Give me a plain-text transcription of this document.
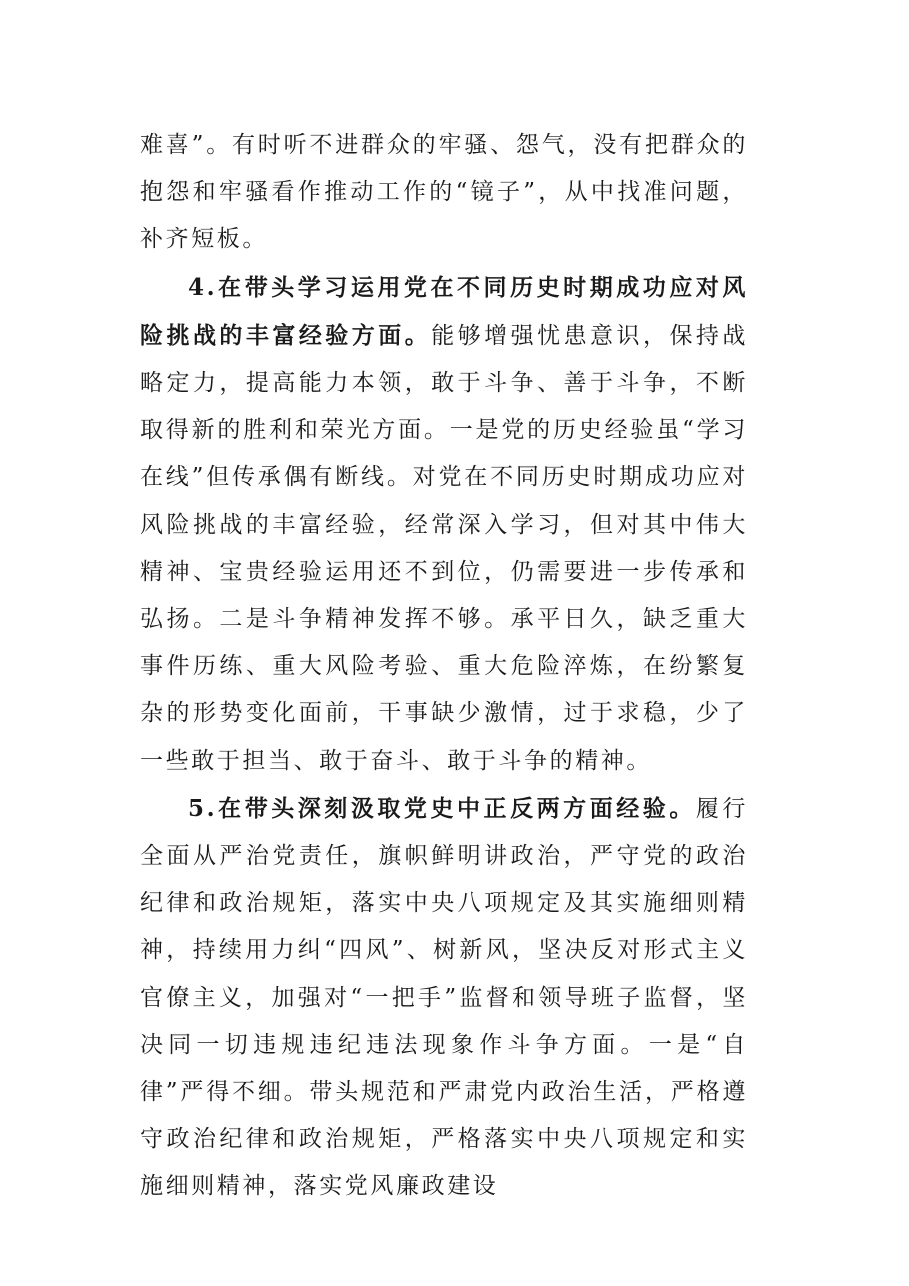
难喜”。有时听不进群众的牢骚、怨气，没有把群众的抱怨和牢骚看作推动工作的“镜子”，从中找准问题，补齐短板。

4.在带头学习运用党在不同历史时期成功应对风险挑战的丰富经验方面。能够增强忧患意识，保持战略定力，提高能力本领，敢于斗争、善于斗争，不断取得新的胜利和荣光方面。一是党的历史经验虽“学习在线”但传承偶有断线。对党在不同历史时期成功应对风险挑战的丰富经验，经常深入学习，但对其中伟大精神、宝贵经验运用还不到位，仍需要进一步传承和弘扬。二是斗争精神发挥不够。承平日久，缺乏重大事件历练、重大风险考验、重大危险淬炼，在纷繁复杂的形势变化面前，干事缺少激情，过于求稳，少了一些敢于担当、敢于奋斗、敢于斗争的精神。

5.在带头深刻汲取党史中正反两方面经验。履行全面从严治党责任，旗帜鲜明讲政治，严守党的政治纪律和政治规矩，落实中央八项规定及其实施细则精神，持续用力纠“四风”、树新风，坚决反对形式主义官僚主义，加强对“一把手”监督和领导班子监督，坚决同一切违规违纪违法现象作斗争方面。一是“自律”严得不细。带头规范和严肃党内政治生活，严格遵守政治纪律和政治规矩，严格落实中央八项规定和实施细则精神，落实党风廉政建设
